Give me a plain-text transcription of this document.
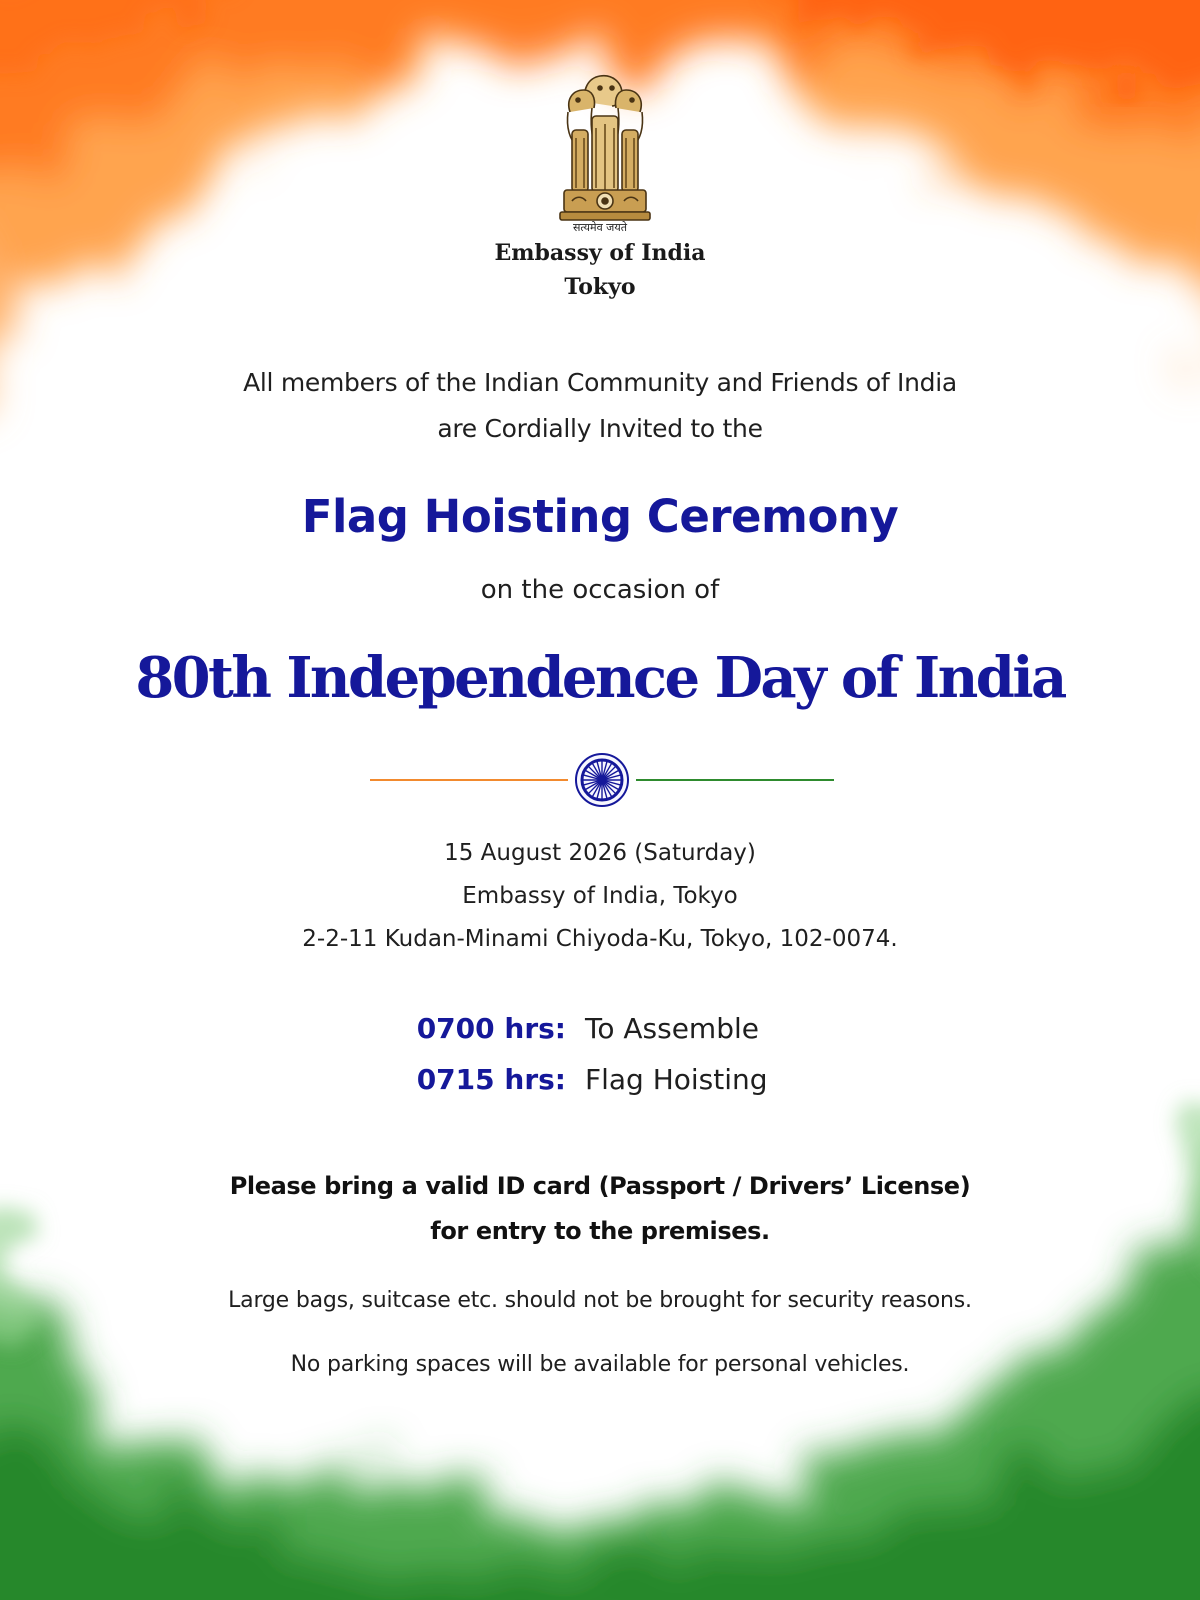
सत्यमेव जयते

Embassy of India

Tokyo

All members of the Indian Community and Friends of India

are Cordially Invited to the

Flag Hoisting Ceremony

on the occasion of

80th Independence Day of India

15 August 2026 (Saturday)

Embassy of India, Tokyo

2-2-11 Kudan-Minami Chiyoda-Ku, Tokyo, 102-0074.

0700 hrs: To Assemble
0715 hrs: Flag Hoisting

Please bring a valid ID card (Passport / Drivers’ License)

for entry to the premises.

Large bags, suitcase etc. should not be brought for security reasons.

No parking spaces will be available for personal vehicles.
